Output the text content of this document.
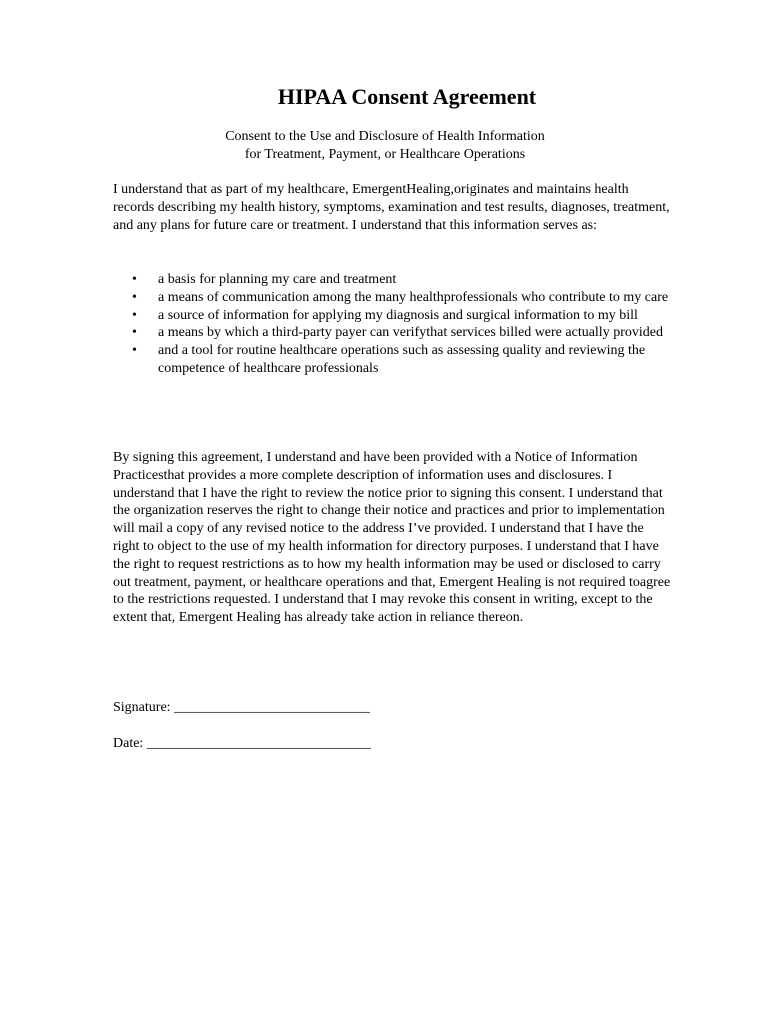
HIPAA Consent Agreement
Consent to the Use and Disclosure of Health Information
for Treatment, Payment, or Healthcare Operations

I understand that as part of my healthcare, EmergentHealing,originates and maintains health records describing my health history, symptoms, examination and test results, diagnoses, treatment, and any plans for future care or treatment. I understand that this information serves as:

• a basis for planning my care and treatment
• a means of communication among the many healthprofessionals who contribute to my care
• a source of information for applying my diagnosis and surgical information to my bill
• a means by which a third-party payer can verifythat services billed were actually provided
• and a tool for routine healthcare operations such as assessing quality and reviewing the competence of healthcare professionals

By signing this agreement, I understand and have been provided with a Notice of Information Practicesthat provides a more complete description of information uses and disclosures. I understand that I have the right to review the notice prior to signing this consent. I understand that the organization reserves the right to change their notice and practices and prior to implementation will mail a copy of any revised notice to the address I’ve provided. I understand that I have the right to object to the use of my health information for directory purposes. I understand that I have the right to request restrictions as to how my health information may be used or disclosed to carry out treatment, payment, or healthcare operations and that, Emergent Healing is not required toagree to the restrictions requested. I understand that I may revoke this consent in writing, except to the extent that, Emergent Healing has already take action in reliance thereon.

Signature: ____________________________
Date: ________________________________
